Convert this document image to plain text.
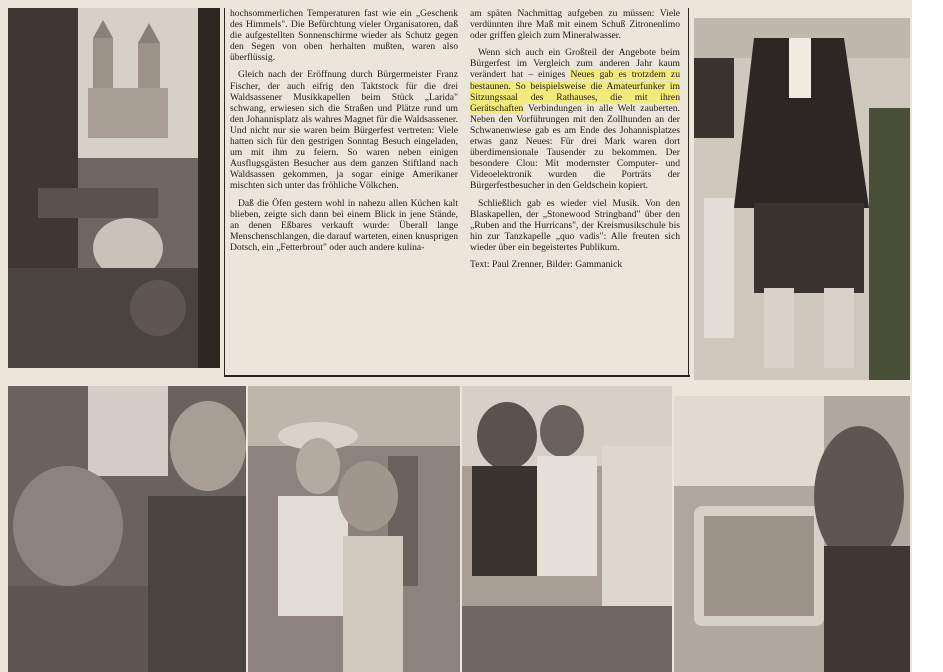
hochsommerlichen Temperaturen fast wie ein „Geschenk des Himmels". Die Befürchtung vieler Organisatoren, daß die aufgestellten Sonnenschirme wieder als Schutz gegen den Segen von oben herhalten mußten, waren also überflüssig.

Gleich nach der Eröffnung durch Bürgermeister Franz Fischer, der auch eifrig den Taktstock für die drei Waldsassener Musikkapellen beim Stück „Larida" schwang, erwiesen sich die Straßen und Plätze rund um den Johannisplatz als wahres Magnet für die Waldsassener. Und nicht nur sie waren beim Bürgerfest vertreten: Viele hatten sich für den gestrigen Sonntag Besuch eingeladen, um mit ihm zu feiern. So waren neben einigen Ausflugsgästen Besucher aus dem ganzen Stiftland nach Waldsassen gekommen, ja sogar einige Amerikaner mischten sich unter das fröhliche Völkchen.

Daß die Öfen gestern wohl in nahezu allen Küchen kalt blieben, zeigte sich dann bei einem Blick in jene Stände, an denen Eßbares verkauft wurde: Überall lange Menschenschlangen, die darauf warteten, einen knusprigen Dotsch, ein „Fetterbrout" oder auch andere kulina-

am späten Nachmittag aufgeben zu müssen: Viele verdünnten ihre Maß mit einem Schuß Zitronenlimo oder griffen gleich zum Mineralwasser.

Wenn sich auch ein Großteil der Angebote beim Bürgerfest im Vergleich zum anderen Jahr kaum verändert hat – einiges Neues gab es trotzdem zu bestaunen. So beispielsweise die Amateurfunker im Sitzungssaal des Rathauses, die mit ihren Gerätschaften Verbindungen in alle Welt zauberten. Neben den Vorführungen mit den Zollhunden an der Schwanenwiese gab es am Ende des Johannisplatzes etwas ganz Neues: Für drei Mark waren dort überdimensionale Tausender zu bekommen. Der besondere Clou: Mit modernster Computer- und Videoelektronik wurden die Porträts der Bürgerfestbesucher in den Geldschein kopiert.

Schließlich gab es wieder viel Musik. Von den Blaskapellen, der „Stonewood Stringband" über den „Ruben and the Hurricans", der Kreismusikschule bis hin zur Tanzkapelle „quo vadis": Alle freuten sich wieder über ein begeistertes Publikum.

Text: Paul Zrenner, Bilder: Gammanick
